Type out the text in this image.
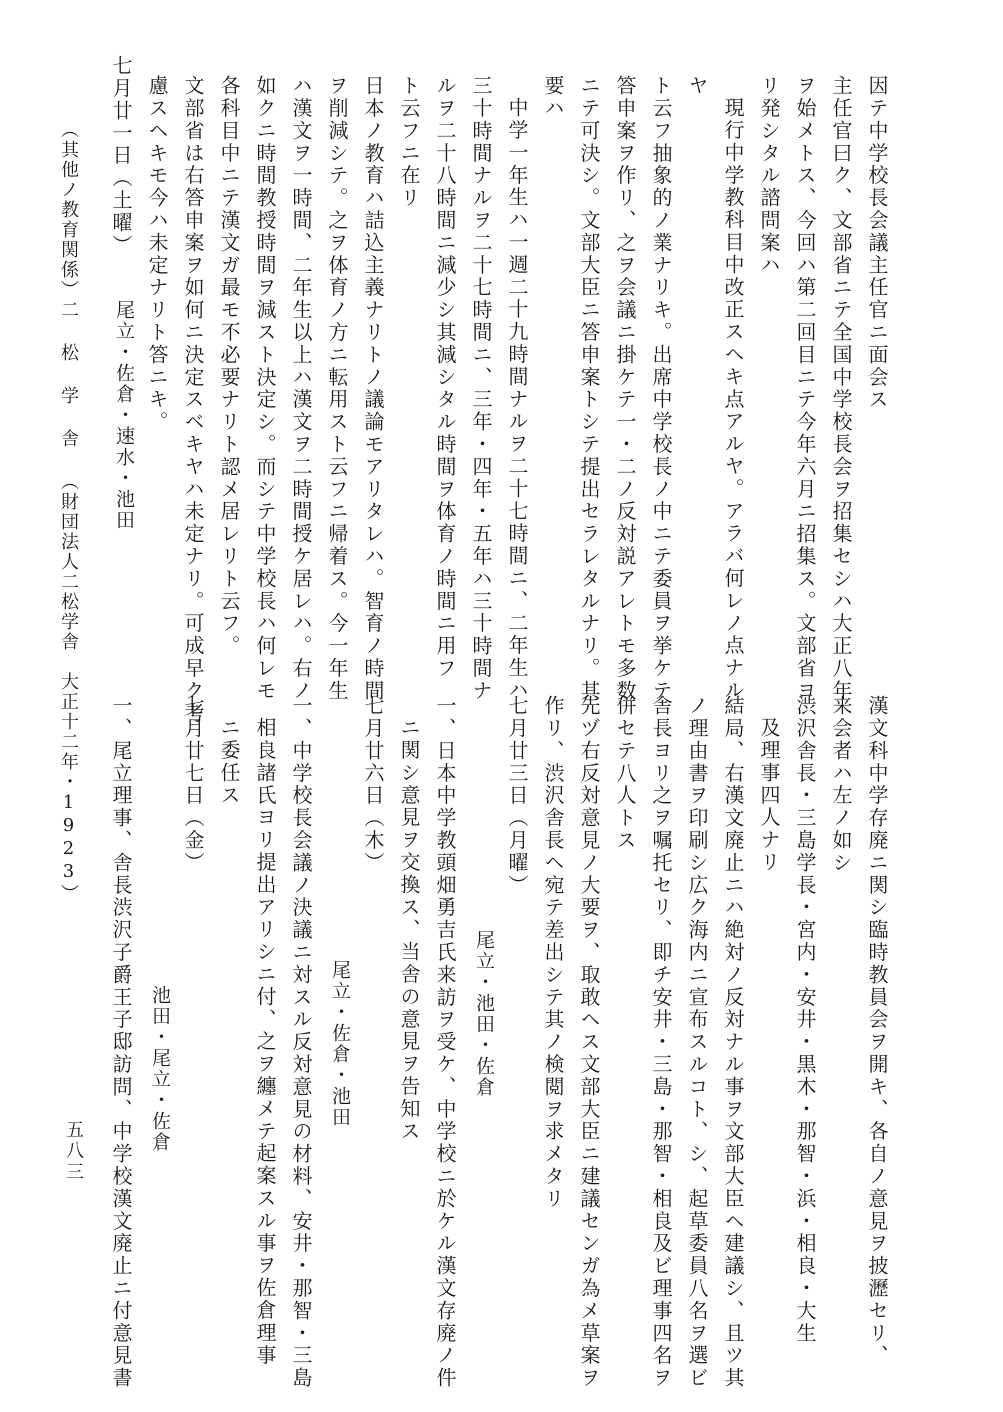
因テ中学校長会議主任官ニ面会ス
主任官曰ク、文部省ニテ全国中学校長会ヲ招集セシハ大正八年
ヲ始メトス、今回ハ第二回目ニテ今年六月ニ招集ス。文部省ヨ
リ発シタル諮問案ハ
現行中学教科目中改正スヘキ点アルヤ。アラバ何レノ点ナル
ヤ
ト云フ抽象的ノ業ナリキ。出席中学校長ノ中ニテ委員ヲ挙ケテ
答申案ヲ作リ、之ヲ会議ニ掛ケテ一・二ノ反対説アレトモ多数
ニテ可決シ。文部大臣ニ答申案トシテ提出セラレタルナリ。其
要ハ
中学一年生ハ一週二十九時間ナルヲ二十七時間ニ、二年生ハ
三十時間ナルヲ二十七時間ニ、三年・四年・五年ハ三十時間ナ
ルヲ二十八時間ニ減少シ其減シタル時間ヲ体育ノ時間ニ用フ
ト云フニ在リ
日本ノ教育ハ詰込主義ナリトノ議論モアリタレハ。智育ノ時間
ヲ削減シテ。之ヲ体育ノ方ニ転用スト云フニ帰着ス。今一年生
ハ漢文ヲ一時間、二年生以上ハ漢文ヲ二時間授ケ居レハ。右ノ
如クニ時間教授時間ヲ減スト決定シ。而シテ中学校長ハ何レモ
各科目中ニテ漢文ガ最モ不必要ナリト認メ居レリト云フ。
文部省は右答申案ヲ如何ニ決定スベキヤハ未定ナリ。可成早ク考
慮スヘキモ今ハ未定ナリト答ニキ。
七月廿一日（土曜）
尾立・佐倉・速水・池田
（其他ノ教育関係）
二 松 学 舎 （財団法人二松学舎　大正十二年・1923）
漢文科中学存廃ニ関シ臨時教員会ヲ開キ、各自ノ意見ヲ披瀝セリ、
来会者ハ左ノ如シ
渋沢舎長・三島学長・宮内・安井・黒木・那智・浜・相良・大生
及理事四人ナリ
結局、右漢文廃止ニハ絶対ノ反対ナル事ヲ文部大臣ヘ建議シ、且ツ其
ノ理由書ヲ印刷シ広ク海内ニ宣布スルコト、シ、起草委員八名ヲ選ビ
舎長ヨリ之ヲ嘱托セリ、即チ安井・三島・那智・相良及ビ理事四名ヲ
併セテ八人トス
先ヅ右反対意見ノ大要ヲ、取敢ヘス文部大臣ニ建議センガ為メ草案ヲ
作リ、渋沢舎長ヘ宛テ差出シテ其ノ検閲ヲ求メタリ
七月廿三日（月曜）
尾立・池田・佐倉
一、日本中学教頭畑勇吉氏来訪ヲ受ケ、中学校ニ於ケル漢文存廃ノ件
ニ関シ意見ヲ交換ス、当舎の意見ヲ告知ス
七月廿六日（木）
尾立・佐倉・池田
一、中学校長会議ノ決議ニ対スル反対意見の材料、安井・那智・三島
相良諸氏ヨリ提出アリシニ付、之ヲ纏メテ起案スル事ヲ佐倉理事
ニ委任ス
七月廿七日（金）
池田・尾立・佐倉
一、尾立理事、舎長渋沢子爵王子邸訪問、中学校漢文廃止ニ付意見書
五八三
